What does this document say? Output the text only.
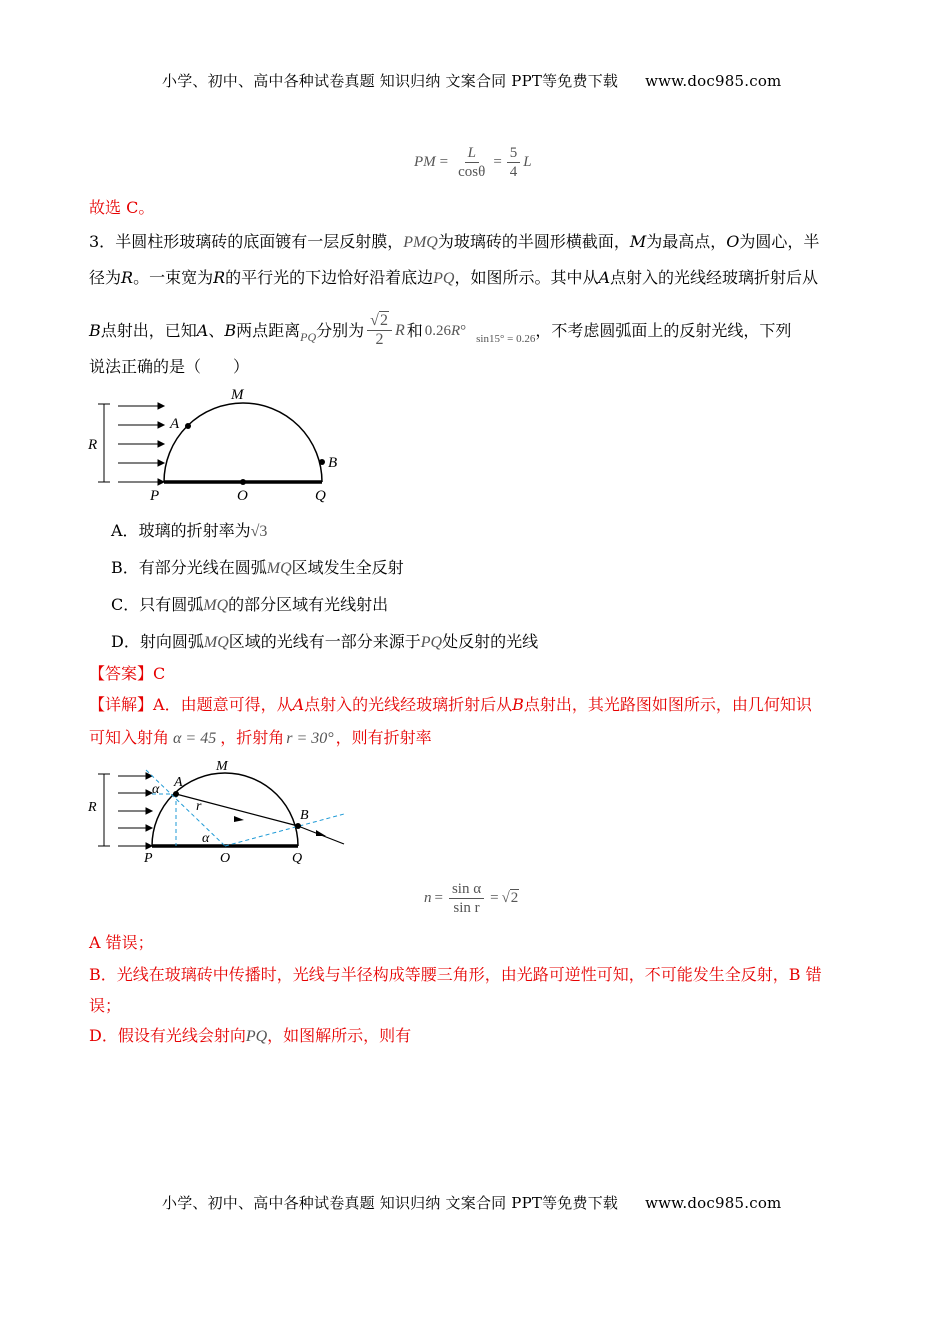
小学、初中、高中各种试卷真题 知识归纳 文案合同 PPT等免费下载 www.doc985.com
PM = $\frac{L}{\cos\theta} = \frac{5}{4}$ L
故选 C。
3．半圆柱形玻璃砖的底面镀有一层反射膜，PMQ为玻璃砖的半圆形横截面，M为最高点，O为圆心，半
径为R。一束宽为R的平行光的下边恰好沿着底边PQ，如图所示。其中从A点射入的光线经玻璃折射后从
B 点射出，已知 A 、 B 两点距离 PQ 分别为 $\frac{√2}{2}$ R 和 0.26 R ° sin15° = 0.26 ，不考虑圆弧面上的反射光线，下列
说法正确的是（　　）
M
A
B
R
P	O	Q
A．玻璃的折射率为√3
B．有部分光线在圆弧MQ区域发生全反射
C．只有圆弧MQ的部分区域有光线射出
D．射向圆弧MQ区域的光线有一部分来源于PQ处反射的光线
【答案】C
【详解】A．由题意可得，从A点射入的光线经玻璃折射后从B点射出，其光路图如图所示，由几何知识
可知入射角 α = 45 ，折射角 r = 30° ，则有折射率
M
A
B
R
P	O	Q
α
α
r
$n = \frac{\text{sin α}}{\text{sin r}} = √2$
A 错误；
B．光线在玻璃砖中传播时，光线与半径构成等腰三角形，由光路可逆性可知，不可能发生全反射，B 错
误；
D．假设有光线会射向PQ，如图解所示，则有
小学、初中、高中各种试卷真题 知识归纳 文案合同 PPT等免费下载 www.doc985.com
